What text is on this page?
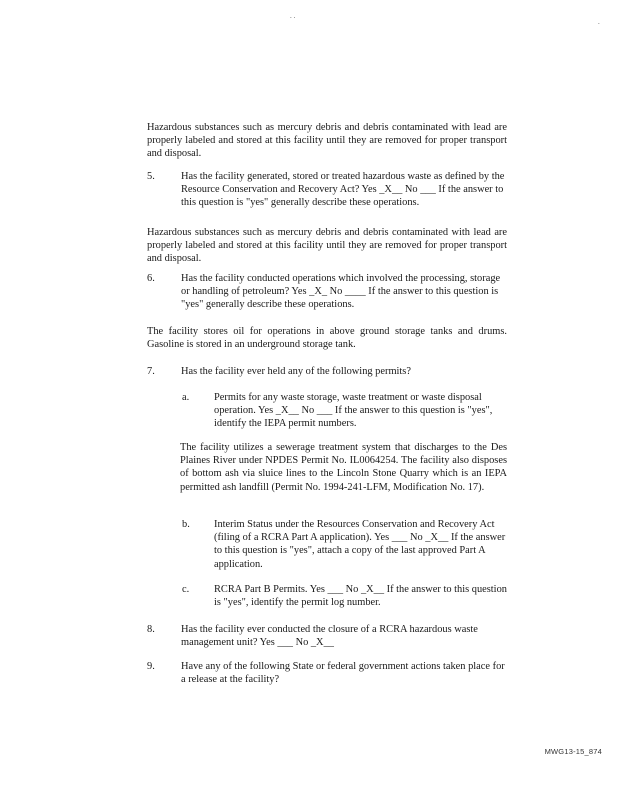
. .
.
Hazardous substances such as mercury debris and debris contaminated with lead are properly labeled and stored at this facility until they are removed for proper transport and disposal.
5.	Has the facility generated, stored or treated hazardous waste as defined by the Resource Conservation and Recovery Act? Yes _X__ No ___ If the answer to this question is "yes" generally describe these operations.
Hazardous substances such as mercury debris and debris contaminated with lead are properly labeled and stored at this facility until they are removed for proper transport and disposal.
6.	Has the facility conducted operations which involved the processing, storage or handling of petroleum? Yes _X_ No ____ If the answer to this question is "yes" generally describe these operations.
The facility stores oil for operations in above ground storage tanks and drums. Gasoline is stored in an underground storage tank.
7.	Has the facility ever held any of the following permits?
a. Permits for any waste storage, waste treatment or waste disposal operation. Yes _X__ No ___ If the answer to this question is "yes", identify the IEPA permit numbers.
The facility utilizes a sewerage treatment system that discharges to the Des Plaines River under NPDES Permit No. IL0064254. The facility also disposes of bottom ash via sluice lines to the Lincoln Stone Quarry which is an IEPA permitted ash landfill (Permit No. 1994-241-LFM, Modification No. 17).
b. Interim Status under the Resources Conservation and Recovery Act (filing of a RCRA Part A application). Yes ___ No _X__ If the answer to this question is "yes", attach a copy of the last approved Part A application.
c. RCRA Part B Permits. Yes ___ No _X__ If the answer to this question is "yes", identify the permit log number.
8.	Has the facility ever conducted the closure of a RCRA hazardous waste management unit? Yes ___ No _X__
9.	Have any of the following State or federal government actions taken place for a release at the facility?
MWG13-15_874
